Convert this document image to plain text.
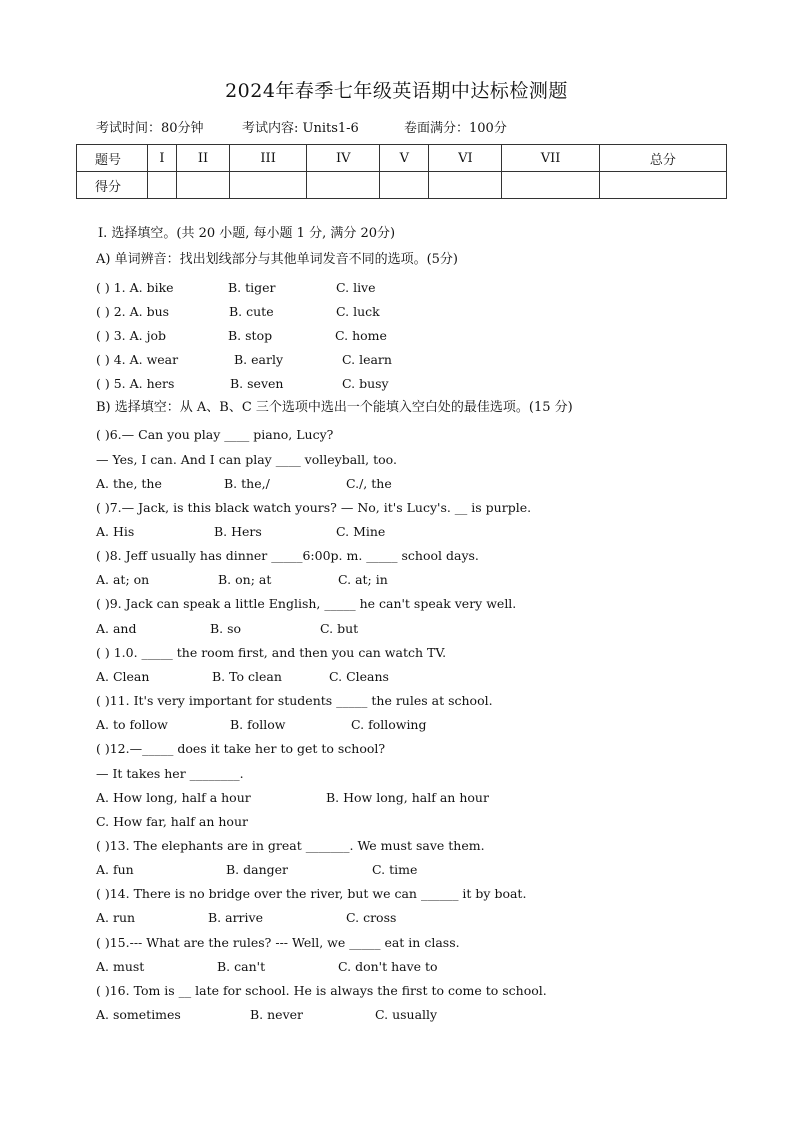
2024年春季七年级英语期中达标检测题
考试时间：80分钟	考试内容: Units1-6	卷面满分：100分
题号	I	II	III	IV	V	VI	VII	总分
得分								
Ⅰ. 选择填空。(共 20 小题, 每小题 1 分, 满分 20分)
A) 单词辨音：找出划线部分与其他单词发音不同的选项。(5分)
( ) 1. A. bike	B. tiger	C. live
( ) 2. A. bus	B. cute	C. luck
( ) 3. A. job	B. stop	C. home
( ) 4. A. wear	B. early	C. learn
( ) 5. A. hers	B. seven	C. busy
B) 选择填空：从 A、B、C 三个选项中选出一个能填入空白处的最佳选项。(15 分)
( )6.— Can you play ____ piano, Lucy?
— Yes, I can. And I can play ____ volleyball, too.
A. the, the	B. the,/	C./, the
( )7.— Jack, is this black watch yours? — No, it's Lucy's. __ is purple.
A. His	B. Hers	C. Mine
( )8. Jeff usually has dinner _____6:00p. m. _____ school days.
A. at; on	B. on; at	C. at; in
( )9. Jack can speak a little English, _____ he can't speak very well.
A. and	B. so	C. but
( ) 1.0. _____ the room first, and then you can watch TV.
A. Clean	B. To clean	C. Cleans
( )11. It's very important for students _____ the rules at school.
A. to follow	B. follow	C. following
( )12.—_____ does it take her to get to school?
— It takes her ________.
A. How long, half a hour	B. How long, half an hour
C. How far, half an hour
( )13. The elephants are in great _______. We must save them.
A. fun	B. danger	C. time
( )14. There is no bridge over the river, but we can ______ it by boat.
A. run	B. arrive	C. cross
( )15.--- What are the rules? --- Well, we _____ eat in class.
A. must	B. can't	C. don't have to
( )16. Tom is __ late for school. He is always the first to come to school.
A. sometimes	B. never	C. usually
